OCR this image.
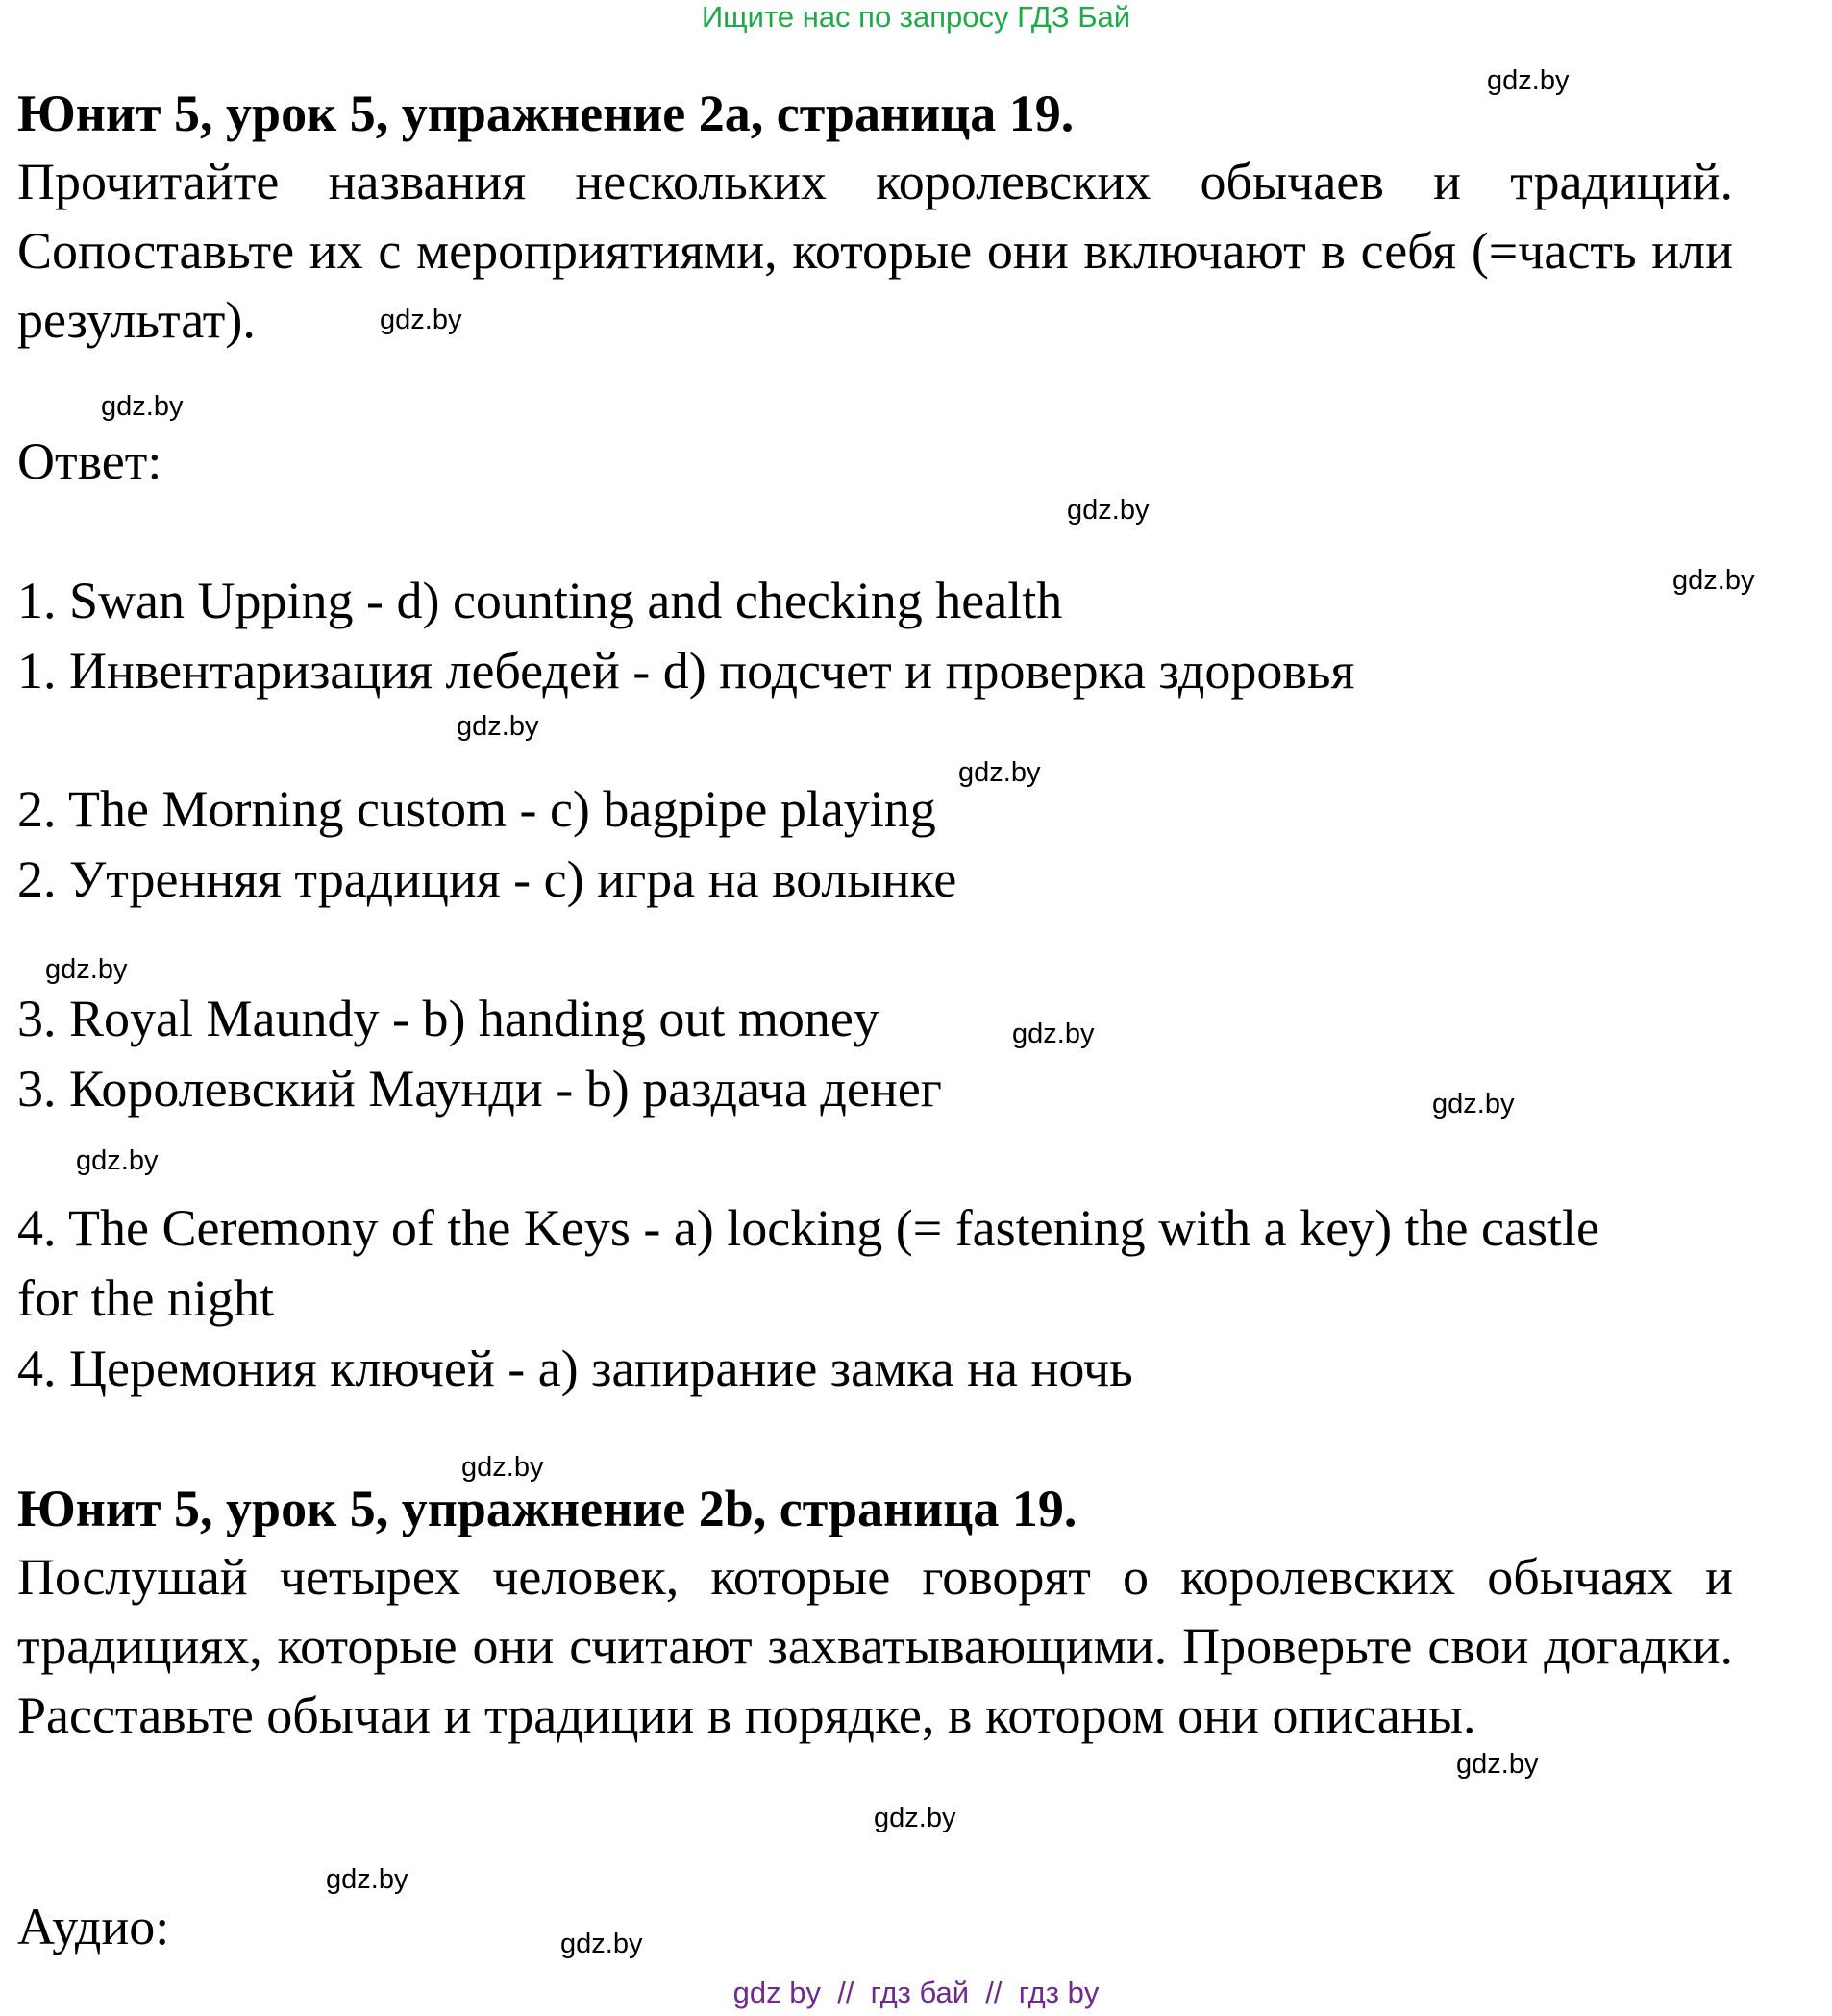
Ищите нас по запросу ГДЗ Бай
Юнит 5, урок 5, упражнение 2a, страница 19.
Прочитайте названия нескольких королевских обычаев и традиций. Сопоставьте их с мероприятиями, которые они включают в себя (=часть или результат).
Ответ:
1. Swan Upping - d) counting and checking health
1. Инвентаризация лебедей - d) подсчет и проверка здоровья
2. The Morning custom - c) bagpipe playing
2. Утренняя традиция - c) игра на волынке
3. Royal Maundy - b) handing out money
3. Королевский Маунди - b) раздача денег
4. The Ceremony of the Keys - a) locking (= fastening with a key) the castle
for the night
4. Церемония ключей - a) запирание замка на ночь
Юнит 5, урок 5, упражнение 2b, страница 19.
Послушай четырех человек, которые говорят о королевских обычаях и традициях, которые они считают захватывающими. Проверьте свои догадки. Расставьте обычаи и традиции в порядке, в котором они описаны.
Аудио:
gdz.by
gdz.by
gdz.by
gdz.by
gdz.by
gdz.by
gdz.by
gdz.by
gdz.by
gdz.by
gdz.by
gdz.by
gdz.by
gdz.by
gdz.by
gdz.by
gdz by  //  гдз бай  //  гдз by
